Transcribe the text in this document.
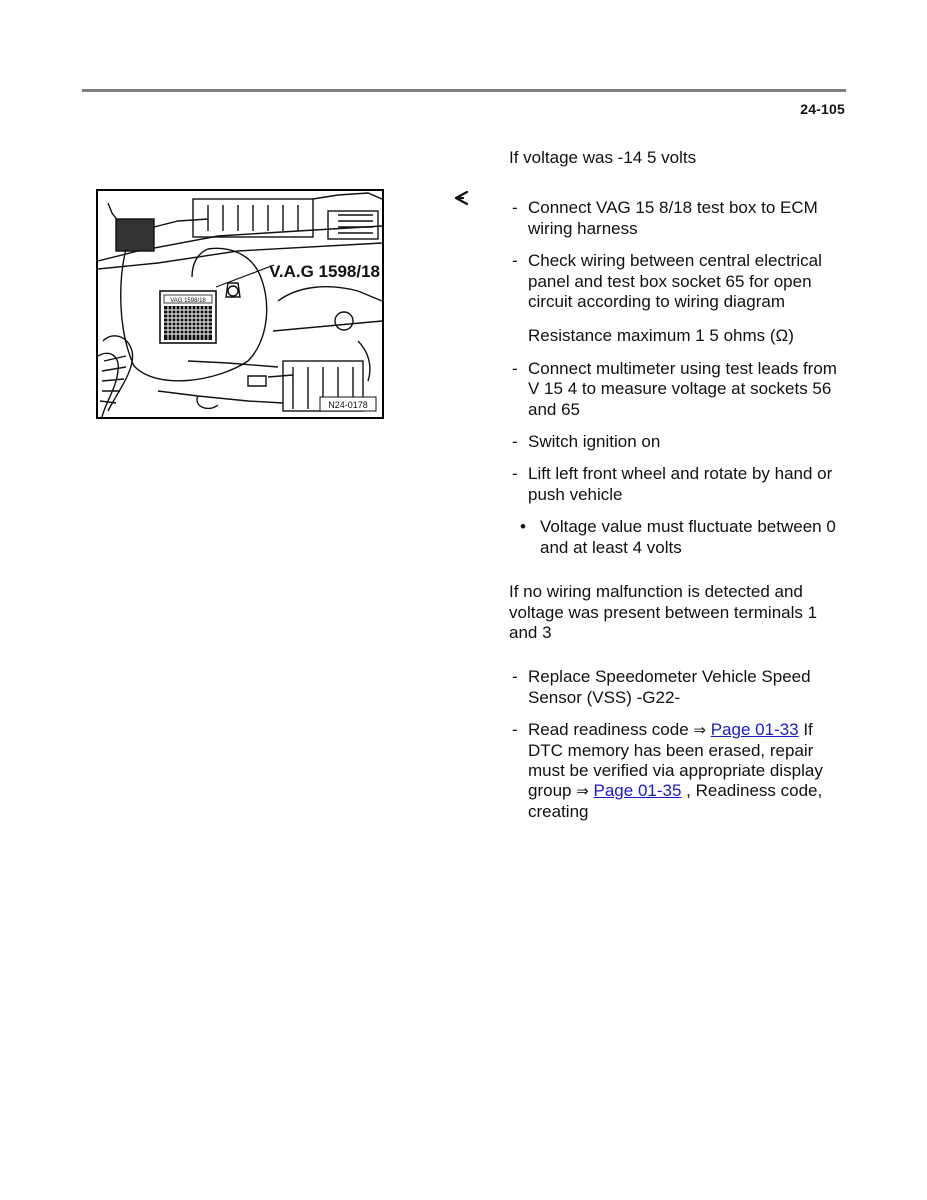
24-105
VAG 1598/18
V.A.G 1598/18
N24-0178

If voltage was -14 5 volts

- Connect VAG 15 8/18 test box to ECM wiring harness

- Check wiring between central electrical panel and test box socket 65 for open circuit according to wiring diagram

Resistance maximum 1 5 ohms (Ω)

- Connect multimeter using test leads from V 15 4 to measure voltage at sockets 56 and 65

- Switch ignition on

- Lift left front wheel and rotate by hand or push vehicle

• Voltage value must fluctuate between 0 and at least 4 volts

If no wiring malfunction is detected and voltage was present between terminals 1 and 3

- Replace Speedometer Vehicle Speed Sensor (VSS) -G22-

- Read readiness code ⇒ Page 01-33 If DTC memory has been erased, repair must be verified via appropriate display group ⇒ Page 01-35 , Readiness code, creating
